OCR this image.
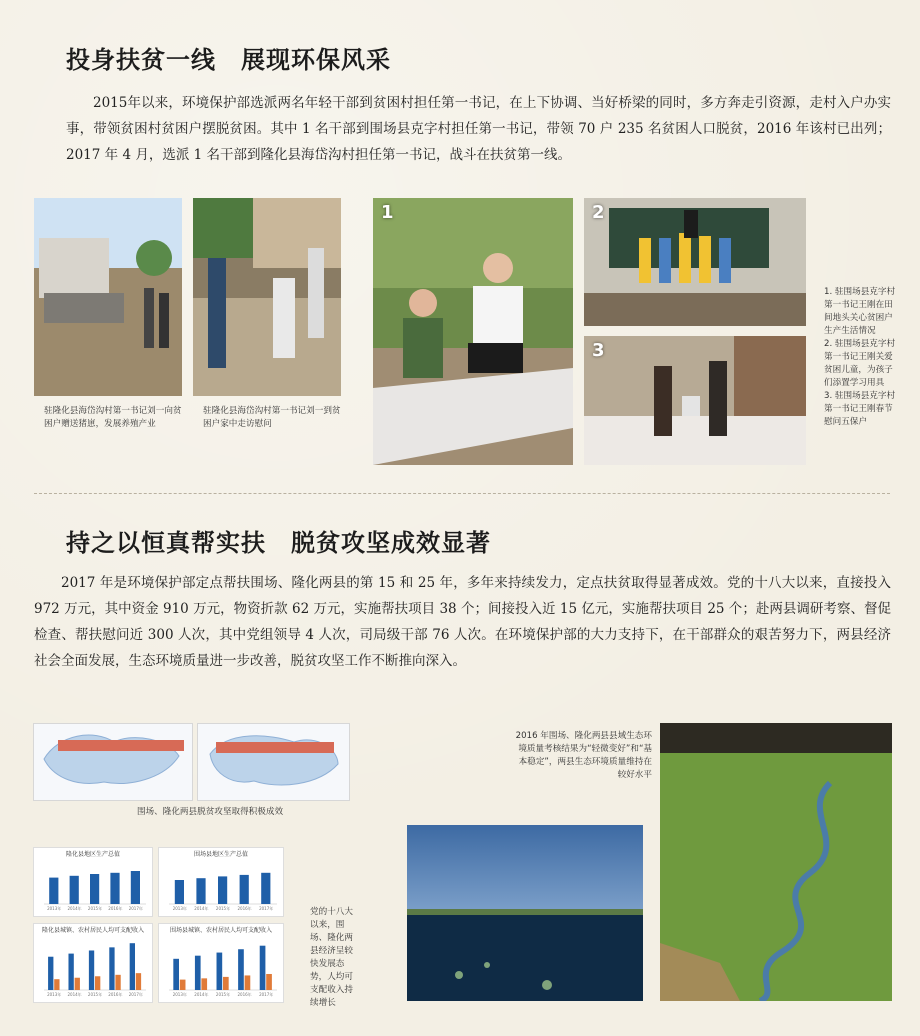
投身扶贫一线　展现环保风采
2015年以来，环境保护部选派两名年轻干部到贫困村担任第一书记，在上下协调、当好桥梁的同时，多方奔走引资源，走村入户办实事，带领贫困村贫困户摆脱贫困。其中 1 名干部到围场县克字村担任第一书记，带领 70 户 235 名贫困人口脱贫，2016 年该村已出列；2017 年 4 月，选派 1 名干部到隆化县海岱沟村担任第一书记，战斗在扶贫第一线。
驻隆化县海岱沟村第一书记刘一向贫困户赠送猪崽，发展养殖产业
驻隆化县海岱沟村第一书记刘一到贫困户家中走访慰问
1	2
3
1. 驻围场县克字村第一书记王刚在田间地头关心贫困户生产生活情况
2. 驻围场县克字村第一书记王刚关爱贫困儿童，为孩子们添置学习用具
3. 驻围场县克字村第一书记王刚春节慰问五保户
持之以恒真帮实扶　脱贫攻坚成效显著
2017 年是环境保护部定点帮扶围场、隆化两县的第 15 和 25 年，多年来持续发力，定点扶贫取得显著成效。党的十八大以来，直接投入 972 万元，其中资金 910 万元，物资折款 62 万元，实施帮扶项目 38 个；间接投入近 15 亿元，实施帮扶项目 25 个；赴两县调研考察、督促检查、帮扶慰问近 300 人次，其中党组领导 4 人次，司局级干部 76 人次。在环境保护部的大力支持下，在干部群众的艰苦努力下，两县经济社会全面发展，生态环境质量进一步改善，脱贫攻坚工作不断推向深入。

围场、隆化两县脱贫攻坚取得积极成效
隆化县地区生产总值
2013年 2014年 2015年 2016年 2017年
围场县地区生产总值
2013年 2014年 2015年 2016年 2017年
隆化县城镇、农村居民人均可支配收入
2013年 2014年 2015年 2016年 2017年
围场县城镇、农村居民人均可支配收入
2013年 2014年 2015年 2016年 2017年
党的十八大以来，围场、隆化两县经济呈较快发展态势，人均可支配收入持续增长
2016 年围场、隆化两县县域生态环境质量考核结果为“轻微变好”和“基本稳定”，两县生态环境质量维持在较好水平
